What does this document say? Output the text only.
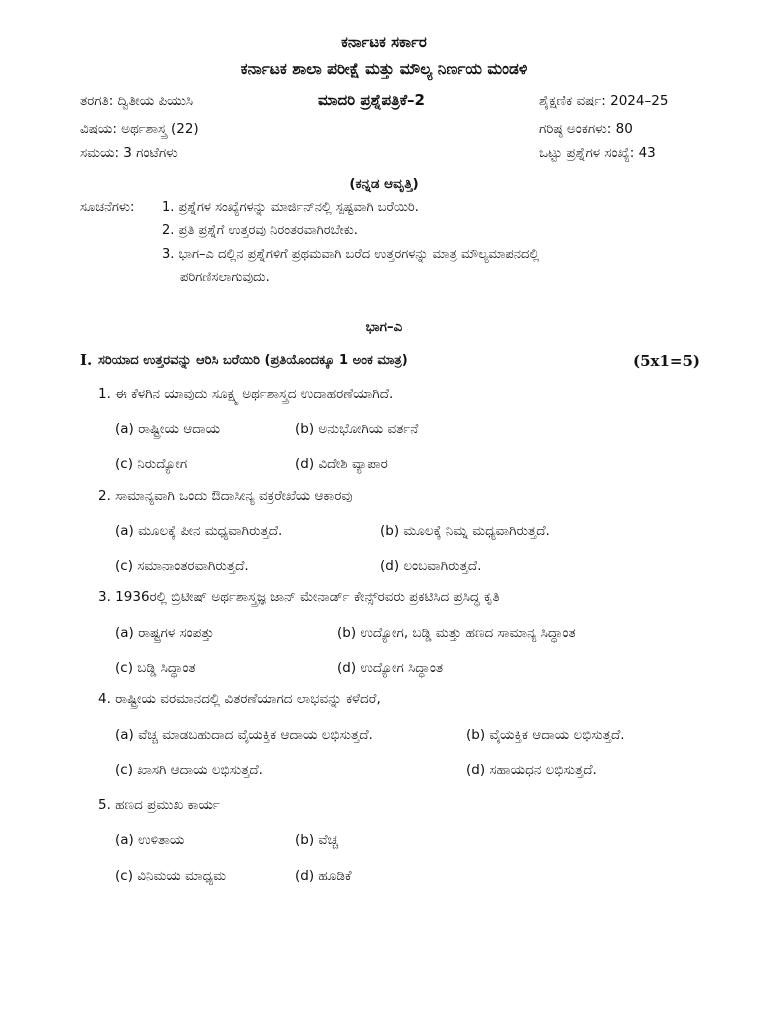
ಕರ್ನಾಟಕ ಸರ್ಕಾರ
ಕರ್ನಾಟಕ ಶಾಲಾ ಪರೀಕ್ಷೆ ಮತ್ತು ಮೌಲ್ಯ ನಿರ್ಣಯ ಮಂಡಳಿ
ತರಗತಿ: ದ್ವಿತೀಯ ಪಿಯುಸಿ	ಮಾದರಿ ಪ್ರಶ್ನೆಪತ್ರಿಕೆ–2	ಶೈಕ್ಷಣಿಕ ವರ್ಷ: 2024–25
ವಿಷಯ: ಅರ್ಥಶಾಸ್ತ್ರ (22)	ಗರಿಷ್ಠ ಅಂಕಗಳು: 80
ಸಮಯ: 3 ಗಂಟೆಗಳು	ಒಟ್ಟು ಪ್ರಶ್ನೆಗಳ ಸಂಖ್ಯೆ: 43
(ಕನ್ನಡ ಆವೃತ್ತಿ)
ಸೂಚನೆಗಳು: 1. ಪ್ರಶ್ನೆಗಳ ಸಂಖ್ಯೆಗಳನ್ನು ಮಾರ್ಜಿನ್‌ನಲ್ಲಿ ಸ್ಪಷ್ಟವಾಗಿ ಬರೆಯಿರಿ.
2. ಪ್ರತಿ ಪ್ರಶ್ನೆಗೆ ಉತ್ತರವು ನಿರಂತರವಾಗಿರಬೇಕು.
3. ಭಾಗ–ಎ ದಲ್ಲಿನ ಪ್ರಶ್ನೆಗಳಿಗೆ ಪ್ರಥಮವಾಗಿ ಬರೆದ ಉತ್ತರಗಳನ್ನು ಮಾತ್ರ ಮೌಲ್ಯಮಾಪನದಲ್ಲಿ
ಪರಿಗಣಿಸಲಾಗುವುದು.
ಭಾಗ–ಎ
I. ಸರಿಯಾದ ಉತ್ತರವನ್ನು ಆರಿಸಿ ಬರೆಯಿರಿ (ಪ್ರತಿಯೊಂದಕ್ಕೂ 1 ಅಂಕ ಮಾತ್ರ)	(5x1=5)
1. ಈ ಕೆಳಗಿನ ಯಾವುದು ಸೂಕ್ಷ್ಮ ಅರ್ಥಶಾಸ್ತ್ರದ ಉದಾಹರಣೆಯಾಗಿದೆ.
(a) ರಾಷ್ಟ್ರೀಯ ಆದಾಯ	(b) ಅನುಭೋಗಿಯ ವರ್ತನೆ
(c) ನಿರುದ್ಯೋಗ	(d) ವಿದೇಶಿ ವ್ಯಾಪಾರ
2. ಸಾಮಾನ್ಯವಾಗಿ ಒಂದು ಔದಾಸೀನ್ಯ ವಕ್ರರೇಖೆಯ ಆಕಾರವು
(a) ಮೂಲಕ್ಕೆ ಪೀನ ಮಧ್ಯವಾಗಿರುತ್ತದೆ.	(b) ಮೂಲಕ್ಕೆ ನಿಮ್ನ ಮಧ್ಯವಾಗಿರುತ್ತದೆ.
(c) ಸಮಾನಾಂತರವಾಗಿರುತ್ತದೆ.	(d) ಲಂಬವಾಗಿರುತ್ತದೆ.
3. 1936ರಲ್ಲಿ ಬ್ರಿಟೀಷ್ ಅರ್ಥಶಾಸ್ತ್ರಜ್ಞ ಜಾನ್ ಮೇನಾರ್ಡ್ ಕೇನ್ಸ್‌ರವರು ಪ್ರಕಟಿಸಿದ ಪ್ರಸಿದ್ಧ ಕೃತಿ
(a) ರಾಷ್ಟ್ರಗಳ ಸಂಪತ್ತು	(b) ಉದ್ಯೋಗ, ಬಡ್ಡಿ ಮತ್ತು ಹಣದ ಸಾಮಾನ್ಯ ಸಿದ್ಧಾಂತ
(c) ಬಡ್ಡಿ ಸಿದ್ಧಾಂತ	(d) ಉದ್ಯೋಗ ಸಿದ್ಧಾಂತ
4. ರಾಷ್ಟ್ರೀಯ ವರಮಾನದಲ್ಲಿ ವಿತರಣೆಯಾಗದ ಲಾಭವನ್ನು ಕಳೆದರೆ,
(a) ವೆಚ್ಚ ಮಾಡಬಹುದಾದ ವೈಯಕ್ತಿಕ ಆದಾಯ ಲಭಿಸುತ್ತದೆ.	(b) ವೈಯಕ್ತಿಕ ಆದಾಯ ಲಭಿಸುತ್ತದೆ.
(c) ಖಾಸಗಿ ಆದಾಯ ಲಭಿಸುತ್ತದೆ.	(d) ಸಹಾಯಧನ ಲಭಿಸುತ್ತದೆ.
5. ಹಣದ ಪ್ರಮುಖ ಕಾರ್ಯ
(a) ಉಳಿತಾಯ	(b) ವೆಚ್ಚ
(c) ವಿನಿಮಯ ಮಾಧ್ಯಮ	(d) ಹೂಡಿಕೆ
